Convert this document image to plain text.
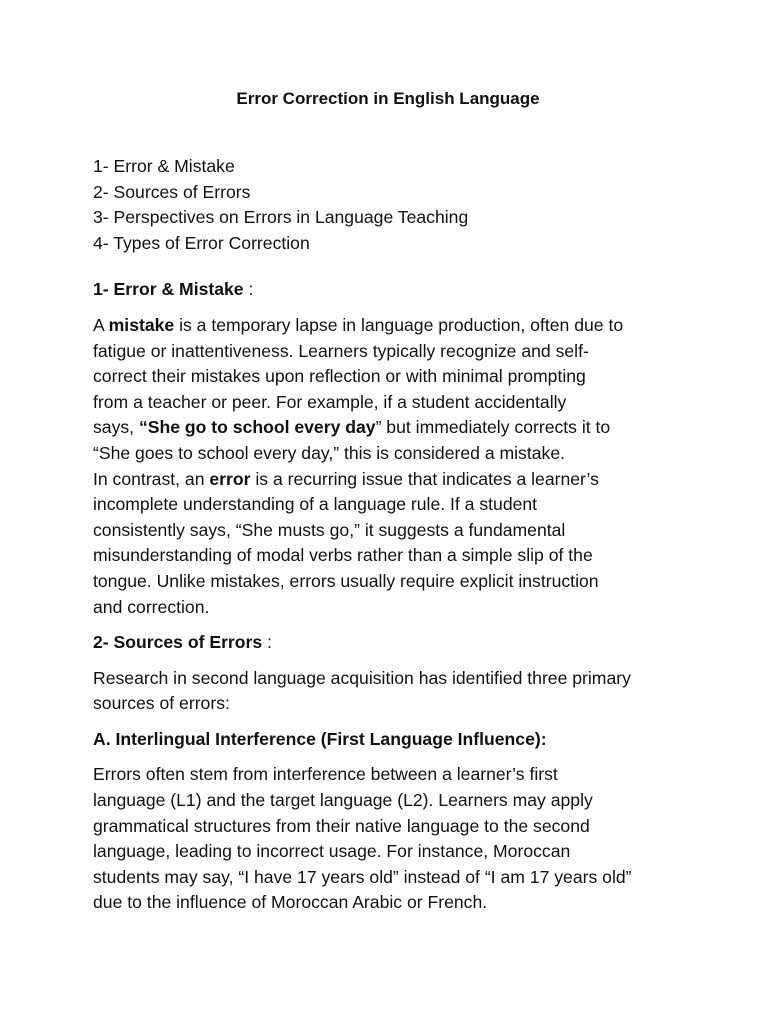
Error Correction in English Language
1- Error & Mistake
2- Sources of Errors
3- Perspectives on Errors in Language Teaching
4- Types of Error Correction
1- Error & Mistake :
A mistake is a temporary lapse in language production, often due to
fatigue or inattentiveness. Learners typically recognize and self-
correct their mistakes upon reflection or with minimal prompting
from a teacher or peer. For example, if a student accidentally
says, “She go to school every day” but immediately corrects it to
“She goes to school every day,” this is considered a mistake.
In contrast, an error is a recurring issue that indicates a learner’s
incomplete understanding of a language rule. If a student
consistently says, “She musts go,” it suggests a fundamental
misunderstanding of modal verbs rather than a simple slip of the
tongue. Unlike mistakes, errors usually require explicit instruction
and correction.
2- Sources of Errors :
Research in second language acquisition has identified three primary
sources of errors:
A. Interlingual Interference (First Language Influence):
Errors often stem from interference between a learner’s first
language (L1) and the target language (L2). Learners may apply
grammatical structures from their native language to the second
language, leading to incorrect usage. For instance, Moroccan
students may say, “I have 17 years old” instead of “I am 17 years old”
due to the influence of Moroccan Arabic or French.
